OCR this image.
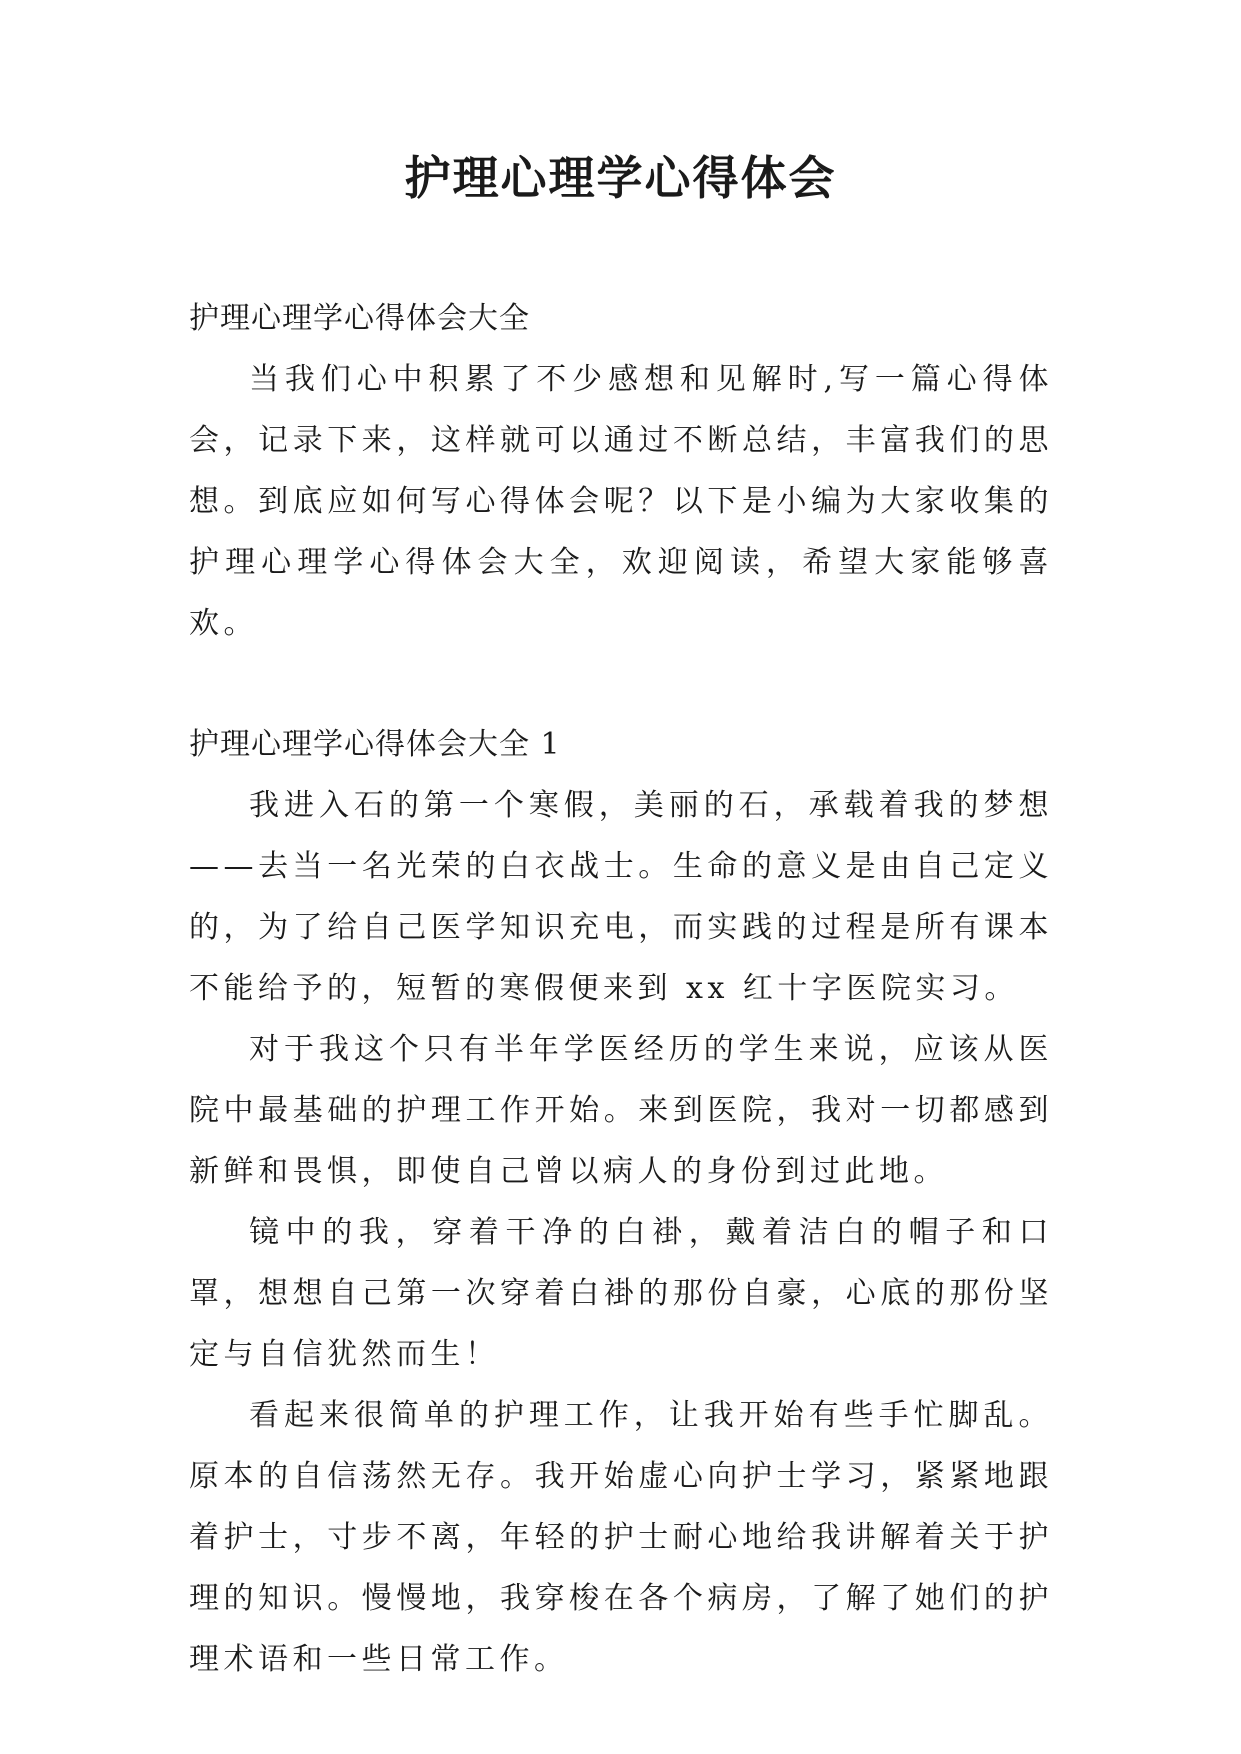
护理心理学心得体会

护理心理学心得体会大全

当我们心中积累了不少感想和见解时,写一篇心得体会，记录下来，这样就可以通过不断总结，丰富我们的思想。到底应如何写心得体会呢？以下是小编为大家收集的护理心理学心得体会大全，欢迎阅读，希望大家能够喜欢。

护理心理学心得体会大全 1

我进入石的第一个寒假，美丽的石，承载着我的梦想——去当一名光荣的白衣战士。生命的意义是由自己定义的，为了给自己医学知识充电，而实践的过程是所有课本不能给予的，短暂的寒假便来到 xx 红十字医院实习。

对于我这个只有半年学医经历的学生来说，应该从医院中最基础的护理工作开始。来到医院，我对一切都感到新鲜和畏惧，即使自己曾以病人的身份到过此地。

镜中的我，穿着干净的白褂，戴着洁白的帽子和口罩，想想自己第一次穿着白褂的那份自豪，心底的那份坚定与自信犹然而生！

看起来很简单的护理工作，让我开始有些手忙脚乱。原本的自信荡然无存。我开始虚心向护士学习，紧紧地跟着护士，寸步不离，年轻的护士耐心地给我讲解着关于护理的知识。慢慢地，我穿梭在各个病房，了解了她们的护理术语和一些日常工作。
